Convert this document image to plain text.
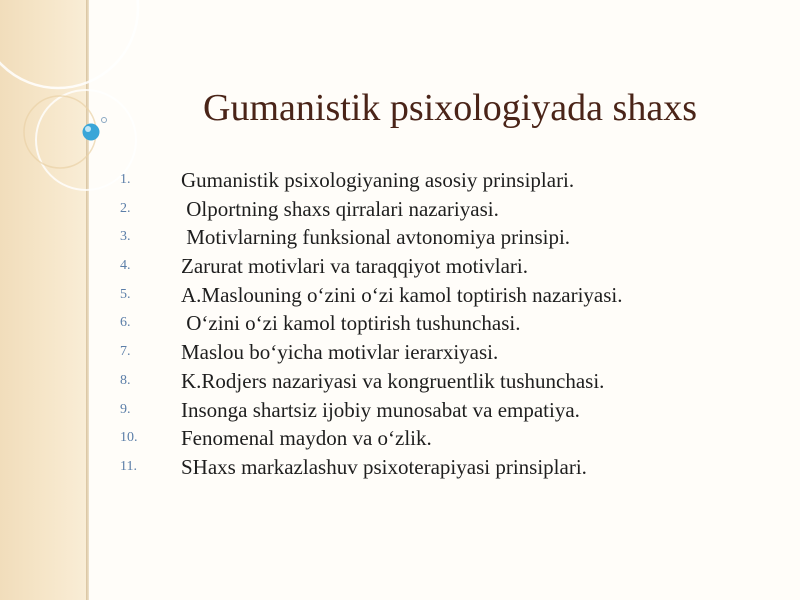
Gumanistik psixologiyada shaxs
1.	Gumanistik psixologiyaning asosiy prinsiplari.
2.	Olportning shaxs qirralari nazariyasi.
3.	Motivlarning funksional avtonomiya prinsipi.
4.	Zarurat motivlari va taraqqiyot motivlari.
5.	A.Maslouning oʻzini oʻzi kamol toptirish nazariyasi.
6.	Oʻzini oʻzi kamol toptirish tushunchasi.
7.	Maslou boʻyicha motivlar ierarxiyasi.
8.	K.Rodjers nazariyasi va kongruentlik tushunchasi.
9.	Insonga shartsiz ijobiy munosabat va empatiya.
10.	Fenomenal maydon va oʻzlik.
11.	SHaxs markazlashuv psixoterapiyasi prinsiplari.
